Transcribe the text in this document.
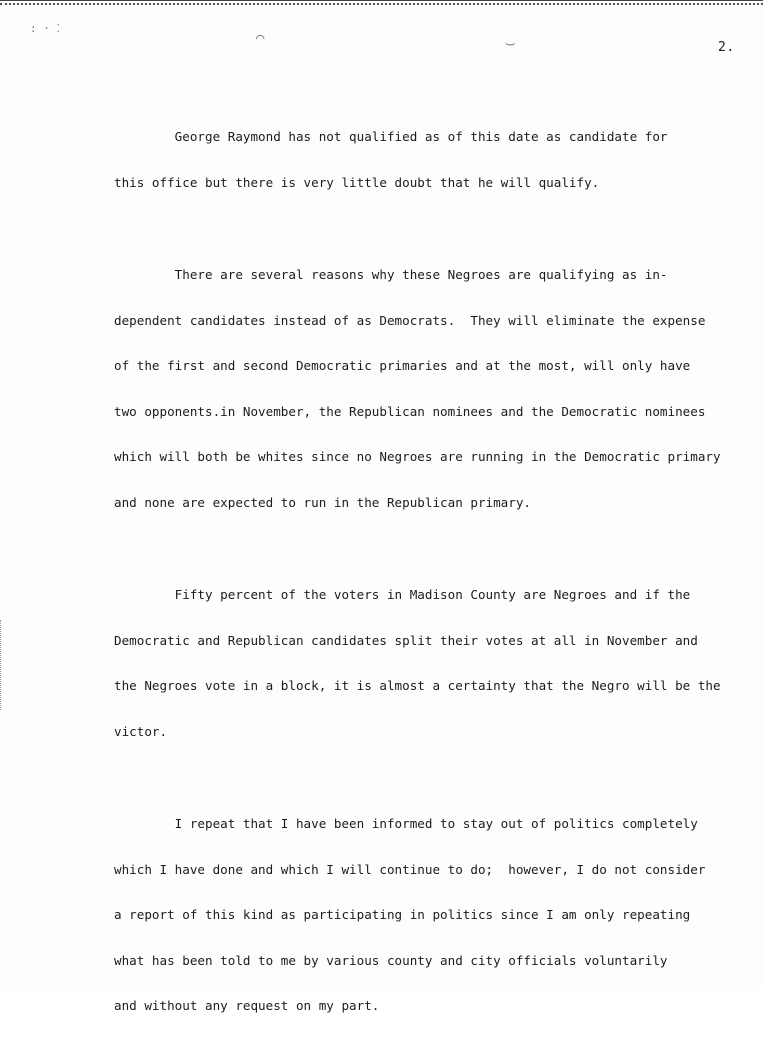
: · ⁚
⌒	‿
2.

George Raymond has not qualified as of this date as candidate for

this office but there is very little doubt that he will qualify.

There are several reasons why these Negroes are qualifying as in-

dependent candidates instead of as Democrats.  They will eliminate the expense

of the first and second Democratic primaries and at the most, will only have

two opponents.in November, the Republican nominees and the Democratic nominees

which will both be whites since no Negroes are running in the Democratic primary

and none are expected to run in the Republican primary.

Fifty percent of the voters in Madison County are Negroes and if the

Democratic and Republican candidates split their votes at all in November and

the Negroes vote in a block, it is almost a certainty that the Negro will be the

victor.

I repeat that I have been informed to stay out of politics completely

which I have done and which I will continue to do;  however, I do not consider

a report of this kind as participating in politics since I am only repeating

what has been told to me by various county and city officials voluntarily

and without any request on my part.
